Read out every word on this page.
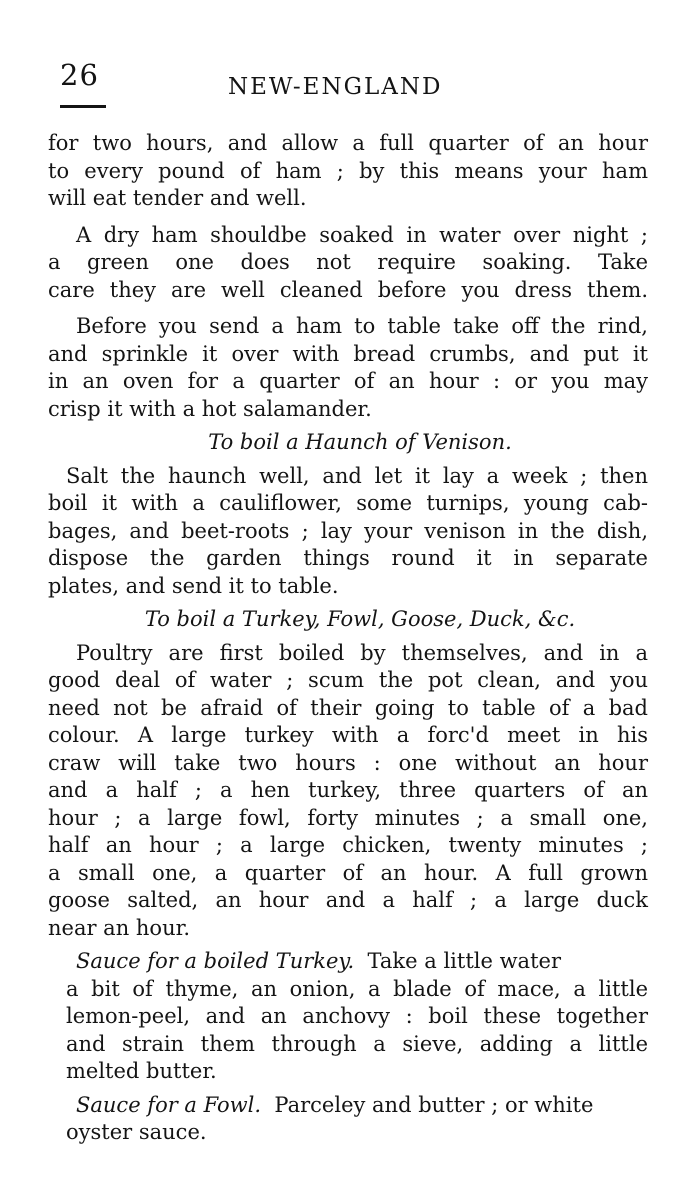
26	NEW-ENGLAND
for two hours, and allow a full quarter of an hour
to every pound of ham ; by this means your ham
will eat tender and well.
A dry ham shouldbe soaked in water over night ;
a green one does not require soaking. Take
care they are well cleaned before you dress them.
Before you send a ham to table take off the rind,
and sprinkle it over with bread crumbs, and put it
in an oven for a quarter of an hour : or you may
crisp it with a hot salamander.
To boil a Haunch of Venison.
Salt the haunch well, and let it lay a week ; then
boil it with a cauliflower, some turnips, young cab-
bages, and beet-roots ; lay your venison in the dish,
dispose the garden things round it in separate
plates, and send it to table.
To boil a Turkey, Fowl, Goose, Duck, &c.
Poultry are first boiled by themselves, and in a
good deal of water ; scum the pot clean, and you
need not be afraid of their going to table of a bad
colour. A large turkey with a forc'd meet in his
craw will take two hours : one without an hour
and a half ; a hen turkey, three quarters of an
hour ; a large fowl, forty minutes ; a small one,
half an hour ; a large chicken, twenty minutes ;
a small one, a quarter of an hour. A full grown
goose salted, an hour and a half ; a large duck
near an hour.
Sauce for a boiled Turkey. Take a little water
a bit of thyme, an onion, a blade of mace, a little
lemon-peel, and an anchovy : boil these together
and strain them through a sieve, adding a little
melted butter.
Sauce for a Fowl. Parceley and butter ; or white
oyster sauce.
